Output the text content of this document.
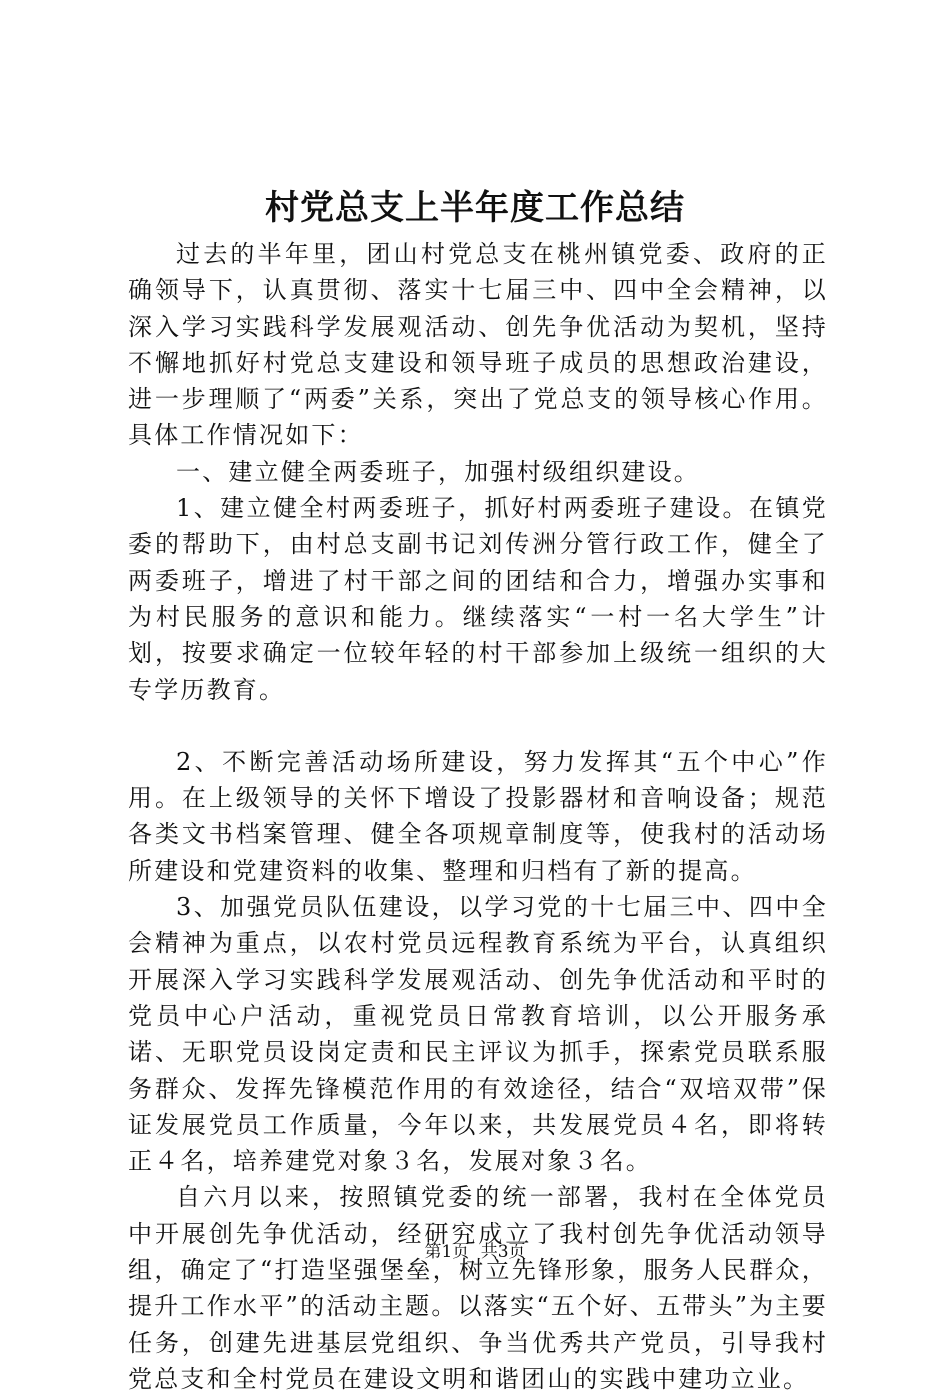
村党总支上半年度工作总结

过去的半年里，团山村党总支在桃州镇党委、政府的正确领导下，认真贯彻、落实十七届三中、四中全会精神，以深入学习实践科学发展观活动、创先争优活动为契机，坚持不懈地抓好村党总支建设和领导班子成员的思想政治建设，进一步理顺了“两委”关系，突出了党总支的领导核心作用。具体工作情况如下：

一、建立健全两委班子，加强村级组织建设。

1、建立健全村两委班子，抓好村两委班子建设。在镇党委的帮助下，由村总支副书记刘传洲分管行政工作，健全了两委班子，增进了村干部之间的团结和合力，增强办实事和为村民服务的意识和能力。继续落实“一村一名大学生”计划，按要求确定一位较年轻的村干部参加上级统一组织的大专学历教育。

2、不断完善活动场所建设，努力发挥其“五个中心”作用。在上级领导的关怀下增设了投影器材和音响设备；规范各类文书档案管理、健全各项规章制度等，使我村的活动场所建设和党建资料的收集、整理和归档有了新的提高。

3、加强党员队伍建设，以学习党的十七届三中、四中全会精神为重点，以农村党员远程教育系统为平台，认真组织开展深入学习实践科学发展观活动、创先争优活动和平时的党员中心户活动，重视党员日常教育培训，以公开服务承诺、无职党员设岗定责和民主评议为抓手，探索党员联系服务群众、发挥先锋模范作用的有效途径，结合“双培双带”保证发展党员工作质量，今年以来，共发展党员４名，即将转正４名，培养建党对象３名，发展对象３名。

自六月以来，按照镇党委的统一部署，我村在全体党员中开展创先争优活动，经研究成立了我村创先争优活动领导组，确定了“打造坚强堡垒，树立先锋形象，服务人民群众，提升工作水平”的活动主题。以落实“五个好、五带头”为主要任务，创建先进基层党组织、争当优秀共产党员，引导我村党总支和全村党员在建设文明和谐团山的实践中建功立业。

第1页 共3页
